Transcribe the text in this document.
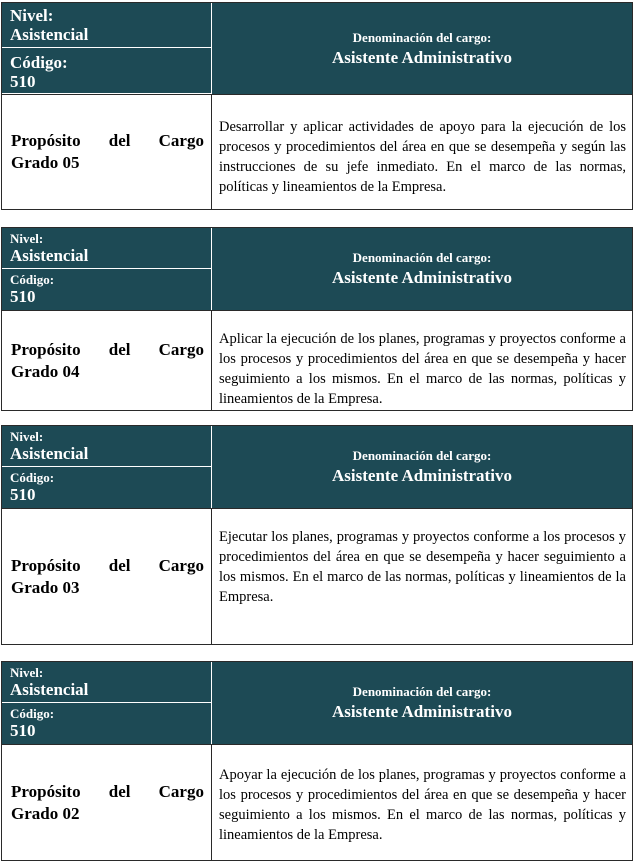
Nivel:
Asistencial
Código:
510
Denominación del cargo:
Asistente Administrativo
Propósito del Cargo
Grado 05
Desarrollar y aplicar actividades de apoyo para la ejecución de los procesos y procedimientos del área en que se desempeña y según las instrucciones de su jefe inmediato. En el marco de las normas, políticas y lineamientos de la Empresa.
Nivel:
Asistencial
Código:
510
Denominación del cargo:
Asistente Administrativo
Propósito del Cargo
Grado 04
Aplicar la ejecución de los planes, programas y proyectos conforme a los procesos y procedimientos del área en que se desempeña y hacer seguimiento a los mismos. En el marco de las normas, políticas y lineamientos de la Empresa.
Nivel:
Asistencial
Código:
510
Denominación del cargo:
Asistente Administrativo
Propósito del Cargo
Grado 03
Ejecutar los planes, programas y proyectos conforme a los procesos y procedimientos del área en que se desempeña y hacer seguimiento a los mismos. En el marco de las normas, políticas y lineamientos de la Empresa.
Nivel:
Asistencial
Código:
510
Denominación del cargo:
Asistente Administrativo
Propósito del Cargo
Grado 02
Apoyar la ejecución de los planes, programas y proyectos conforme a los procesos y procedimientos del área en que se desempeña y hacer seguimiento a los mismos. En el marco de las normas, políticas y lineamientos de la Empresa.
